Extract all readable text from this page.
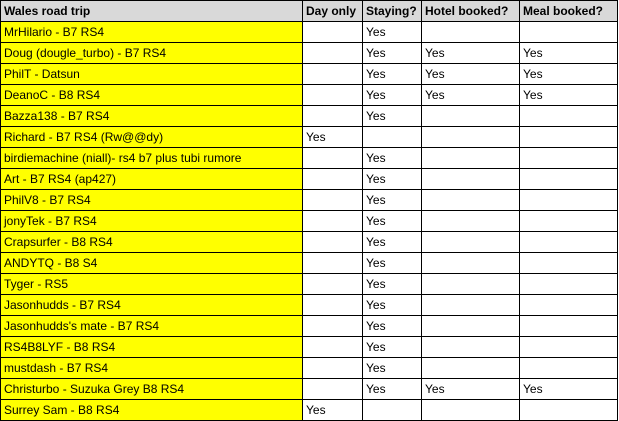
Wales road trip	Day only	Staying?	Hotel booked?	Meal booked?
MrHilario - B7 RS4		Yes		
Doug (dougle_turbo) - B7 RS4		Yes	Yes	Yes
PhilT - Datsun		Yes	Yes	Yes
DeanoC - B8 RS4		Yes	Yes	Yes
Bazza138 - B7 RS4		Yes		
Richard - B7 RS4 (Rw@@dy)	Yes			
birdiemachine (niall)- rs4 b7 plus tubi rumore		Yes		
Art - B7 RS4 (ap427)		Yes		
PhilV8 - B7 RS4		Yes		
jonyTek - B7 RS4		Yes		
Crapsurfer - B8 RS4		Yes		
ANDYTQ - B8 S4		Yes		
Tyger - RS5		Yes		
Jasonhudds - B7 RS4		Yes		
Jasonhudds's mate - B7 RS4		Yes		
RS4B8LYF - B8 RS4		Yes		
mustdash - B7 RS4		Yes		
Christurbo - Suzuka Grey B8 RS4		Yes	Yes	Yes
Surrey Sam - B8 RS4	Yes			
